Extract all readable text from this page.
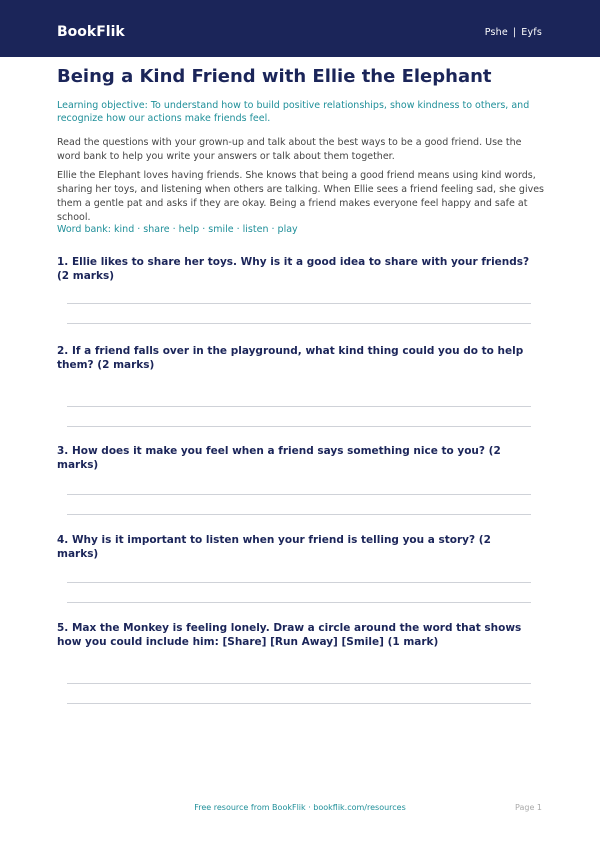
BookFlik	Pshe | Eyfs
Being a Kind Friend with Ellie the Elephant

Learning objective: To understand how to build positive relationships, show kindness to others, and recognize how our actions make friends feel.

Read the questions with your grown-up and talk about the best ways to be a good friend. Use the word bank to help you write your answers or talk about them together.

Ellie the Elephant loves having friends. She knows that being a good friend means using kind words, sharing her toys, and listening when others are talking. When Ellie sees a friend feeling sad, she gives them a gentle pat and asks if they are okay. Being a friend makes everyone feel happy and safe at school.

Word bank: kind · share · help · smile · listen · play

1. Ellie likes to share her toys. Why is it a good idea to share with your friends? (2 marks)

2. If a friend falls over in the playground, what kind thing could you do to help them? (2 marks)

3. How does it make you feel when a friend says something nice to you? (2 marks)

4. Why is it important to listen when your friend is telling you a story? (2 marks)

5. Max the Monkey is feeling lonely. Draw a circle around the word that shows how you could include him: [Share] [Run Away] [Smile] (1 mark)

Free resource from BookFlik · bookflik.com/resources	Page 1
